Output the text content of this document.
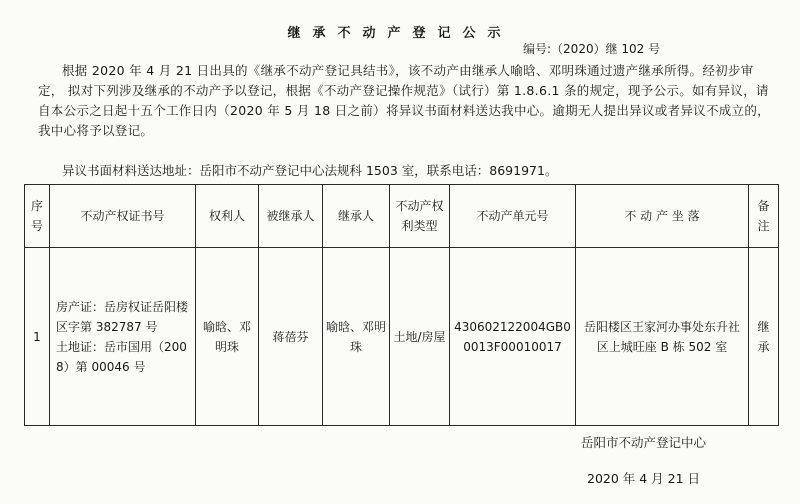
继承不动产登记公示
编号:（2020）继 102 号
根据 2020 年 4 月 21 日出具的《继承不动产登记具结书》，该不动产由继承人喻晗、邓明珠通过遗产继承所得。经初步审定， 拟对下列涉及继承的不动产予以登记，根据《不动产登记操作规范》（试行）第 1.8.6.1 条的规定，现予公示。如有异议，请自本公示之日起十五个工作日内（2020 年 5 月 18 日之前）将异议书面材料送达我中心。逾期无人提出异议或者异议不成立的，我中心将予以登记。
异议书面材料送达地址：岳阳市不动产登记中心法规科 1503 室，联系电话：8691971。
序号	不动产权证书号	权利人	被继承人	继承人	不动产权利类型	不动产单元号	不 动 产 坐 落	备注
1	房产证：岳房权证岳阳楼区字第 382787 号
土地证：岳市国用（2008）第 00046 号	喻晗、邓明珠	蒋蓓芬	喻晗、邓明珠	土地/房屋	430602122004GB00013F00010017	岳阳楼区王家河办事处东升社区上城旺座 B 栋 502 室	继承
岳阳市不动产登记中心
2020 年 4 月 21 日
